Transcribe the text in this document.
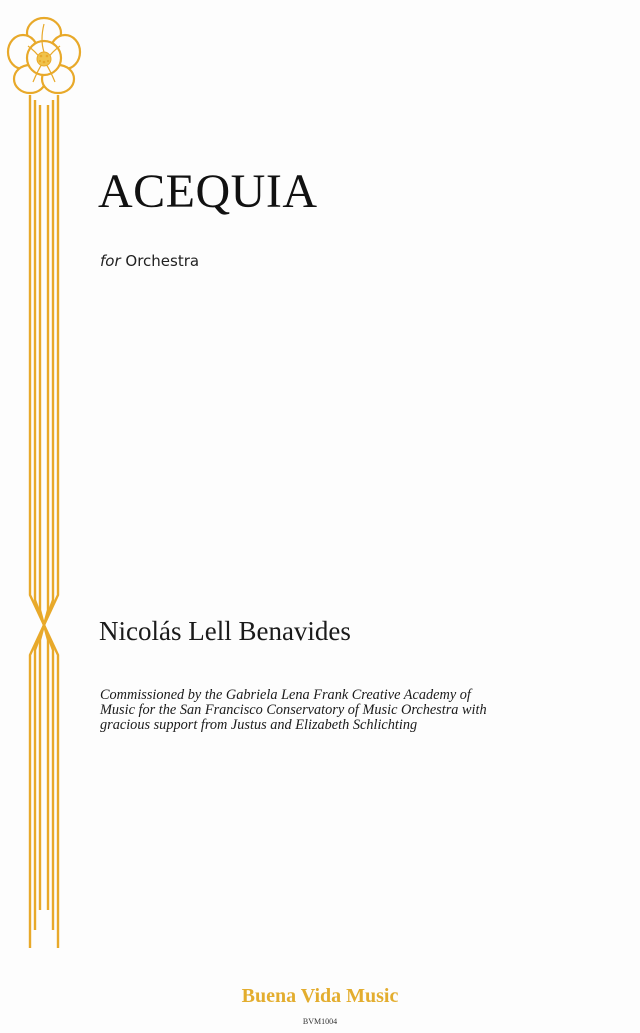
ACEQUIA

for Orchestra

Nicolás Lell Benavides

Commissioned by the Gabriela Lena Frank Creative Academy of
Music for the San Francisco Conservatory of Music Orchestra with
gracious support from Justus and Elizabeth Schlichting

Buena Vida Music

BVM1004
